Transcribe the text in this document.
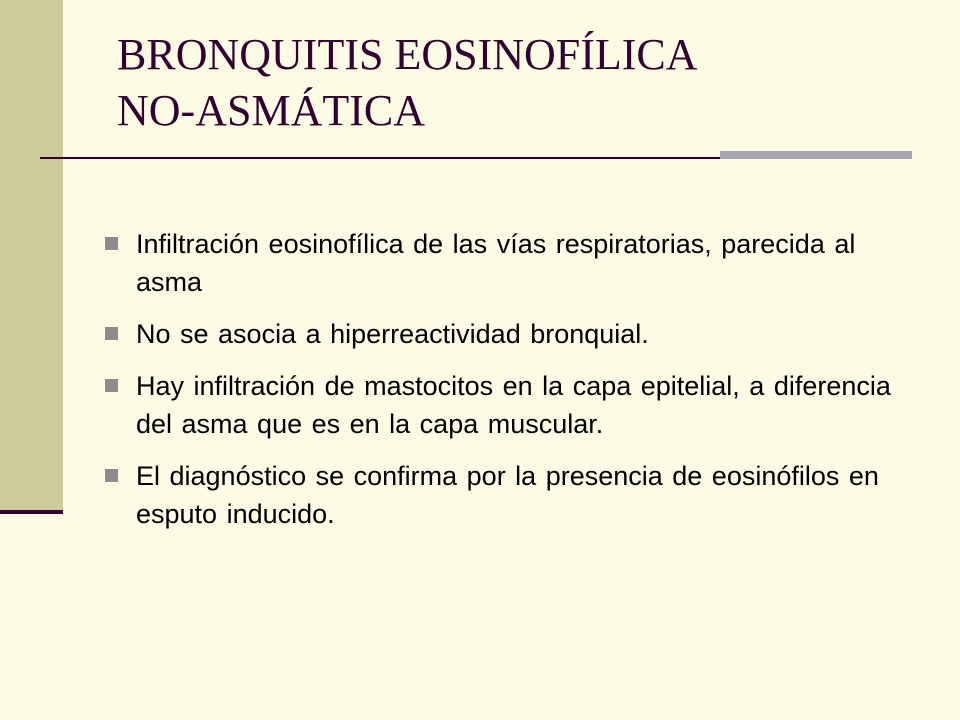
BRONQUITIS EOSINOFÍLICA
NO-ASMÁTICA
Infiltración eosinofílica de las vías respiratorias, parecida al asma
No se asocia a hiperreactividad bronquial.
Hay infiltración de mastocitos en la capa epitelial, a diferencia del asma que es en la capa muscular.
El diagnóstico se confirma por la presencia de eosinófilos en esputo inducido.
